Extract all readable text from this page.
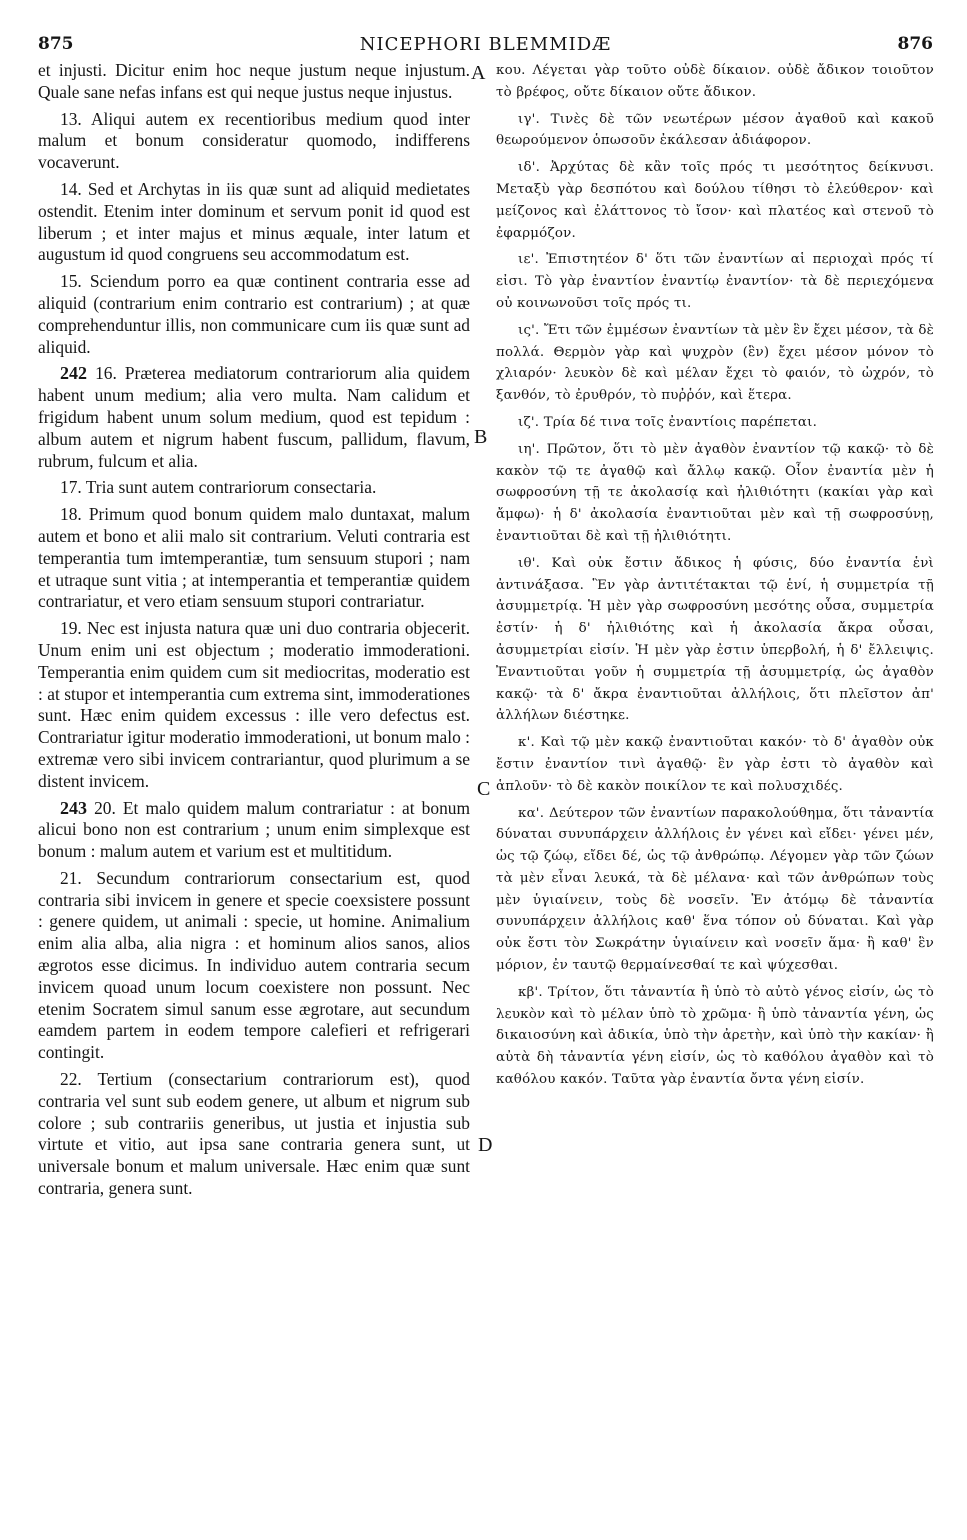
875	NICEPHORI BLEMMIDÆ	876
A
B
C
D

et injusti. Dicitur enim hoc neque justum neque injustum. Quale sane nefas infans est qui neque justus neque injustus.

13. Aliqui autem ex recentioribus medium quod inter malum et bonum consideratur quomodo, indifferens vocaverunt.

14. Sed et Archytas in iis quæ sunt ad aliquid medietates ostendit. Etenim inter dominum et servum ponit id quod est liberum ; et inter majus et minus æquale, inter latum et augustum id quod congruens seu accommodatum est.

15. Sciendum porro ea quæ continent contraria esse ad aliquid (contrarium enim contrario est contrarium) ; at quæ comprehenduntur illis, non communicare cum iis quæ sunt ad aliquid.

242 16. Præterea mediatorum contrariorum alia quidem habent unum medium; alia vero multa. Nam calidum et frigidum habent unum solum medium, quod est tepidum : album autem et nigrum habent fuscum, pallidum, flavum, rubrum, fulcum et alia.

17. Tria sunt autem contrariorum consectaria.

18. Primum quod bonum quidem malo duntaxat, malum autem et bono et alii malo sit contrarium. Veluti contraria est temperantia tum imtemperantiæ, tum sensuum stupori ; nam et utraque sunt vitia ; at intemperantia et temperantiæ quidem contrariatur, et vero etiam sensuum stupori contrariatur.

19. Nec est injusta natura quæ uni duo contraria objecerit. Unum enim uni est objectum ; moderatio immoderationi. Temperantia enim quidem cum sit mediocritas, moderatio est : at stupor et intemperantia cum extrema sint, immoderationes sunt. Hæc enim quidem excessus : ille vero defectus est. Contrariatur igitur moderatio immoderationi, ut bonum malo : extremæ vero sibi invicem contrariantur, quod plurimum a se distent invicem.

243 20. Et malo quidem malum contrariatur : at bonum alicui bono non est contrarium ; unum enim simplexque est bonum : malum autem et varium est et multitidum.

21. Secundum contrariorum consectarium est, quod contraria sibi invicem in genere et specie coexsistere possunt : genere quidem, ut animali : specie, ut homine. Animalium enim alia alba, alia nigra : et hominum alios sanos, alios ægrotos esse dicimus. In individuo autem contraria secum invicem quoad unum locum coexistere non possunt. Nec etenim Socratem simul sanum esse ægrotare, aut secundum eamdem partem in eodem tempore calefieri et refrigerari contingit.

22. Tertium (consectarium contrariorum est), quod contraria vel sunt sub eodem genere, ut album et nigrum sub colore ; sub contrariis generibus, ut justia et injustia sub virtute et vitio, aut ipsa sane contraria genera sunt, ut universale bonum et malum universale. Hæc enim quæ sunt contraria, genera sunt.

κου. Λέγεται γὰρ τοῦτο οὐδὲ δίκαιον. οὐδὲ ἄδικον τοιοῦτον τὸ βρέφος, οὔτε δίκαιον οὔτε ἄδικον.

ιγ'. Τινὲς δὲ τῶν νεωτέρων μέσον ἀγαθοῦ καὶ κακοῦ θεωρούμενον ὁπωσοῦν ἐκάλεσαν ἀδιάφορον.

ιδ'. Ἀρχύτας δὲ κἂν τοῖς πρός τι μεσότητος δείκνυσι. Μεταξὺ γὰρ δεσπότου καὶ δούλου τίθησι τὸ ἐλεύθερον· καὶ μείζονος καὶ ἐλάττονος τὸ ἴσον· καὶ πλατέος καὶ στενοῦ τὸ ἐφαρμόζον.

ιε'. Ἐπιστητέον δ' ὅτι τῶν ἐναντίων αἱ περιοχαὶ πρός τί εἰσι. Τὸ γὰρ ἐναντίον ἐναντίῳ ἐναντίον· τὰ δὲ περιεχόμενα οὐ κοινωνοῦσι τοῖς πρός τι.

ις'. Ἔτι τῶν ἐμμέσων ἐναντίων τὰ μὲν ἓν ἔχει μέσον, τὰ δὲ πολλά. Θερμὸν γὰρ καὶ ψυχρὸν (ἓν) ἔχει μέσον μόνον τὸ χλιαρόν· λευκὸν δὲ καὶ μέλαν ἔχει τὸ φαιόν, τὸ ὠχρόν, τὸ ξανθόν, τὸ ἐρυθρόν, τὸ πυῤῥόν, καὶ ἕτερα.

ιζ'. Τρία δέ τινα τοῖς ἐναντίοις παρέπεται.

ιη'. Πρῶτον, ὅτι τὸ μὲν ἀγαθὸν ἐναντίον τῷ κακῷ· τὸ δὲ κακὸν τῷ τε ἀγαθῷ καὶ ἄλλῳ κακῷ. Οἷον ἐναντία μὲν ἡ σωφροσύνη τῇ τε ἀκολασίᾳ καὶ ἠλιθιότητι (κακίαι γὰρ καὶ ἄμφω)· ἡ δ' ἀκολασία ἐναντιοῦται μὲν καὶ τῇ σωφροσύνῃ, ἐναντιοῦται δὲ καὶ τῇ ἠλιθιότητι.

ιθ'. Καὶ οὐκ ἔστιν ἄδικος ἡ φύσις, δύο ἐναντία ἑνὶ ἀντινάξασα. Ἓν γὰρ ἀντιτέτακται τῷ ἑνί, ἡ συμμετρία τῇ ἀσυμμετρίᾳ. Ἡ μὲν γὰρ σωφροσύνη μεσότης οὖσα, συμμετρία ἐστίν· ἡ δ' ἠλιθιότης καὶ ἡ ἀκολασία ἄκρα οὖσαι, ἀσυμμετρίαι εἰσίν. Ἡ μὲν γὰρ ἐστιν ὑπερβολή, ἡ δ' ἔλλειψις. Ἐναντιοῦται γοῦν ἡ συμμετρία τῇ ἀσυμμετρίᾳ, ὡς ἀγαθὸν κακῷ· τὰ δ' ἄκρα ἐναντιοῦται ἀλλήλοις, ὅτι πλεῖστον ἀπ' ἀλλήλων διέστηκε.

κ'. Καὶ τῷ μὲν κακῷ ἐναντιοῦται κακόν· τὸ δ' ἀγαθὸν οὐκ ἔστιν ἐναντίον τινὶ ἀγαθῷ· ἓν γὰρ ἐστι τὸ ἀγαθὸν καὶ ἁπλοῦν· τὸ δὲ κακὸν ποικίλον τε καὶ πολυσχιδές.

κα'. Δεύτερον τῶν ἐναντίων παρακολούθημα, ὅτι τἀναντία δύναται συνυπάρχειν ἀλλήλοις ἐν γένει καὶ εἴδει· γένει μέν, ὡς τῷ ζώῳ, εἴδει δέ, ὡς τῷ ἀνθρώπῳ. Λέγομεν γὰρ τῶν ζώων τὰ μὲν εἶναι λευκά, τὰ δὲ μέλανα· καὶ τῶν ἀνθρώπων τοὺς μὲν ὑγιαίνειν, τοὺς δὲ νοσεῖν. Ἐν ἀτόμῳ δὲ τἀναντία συνυπάρχειν ἀλλήλοις καθ' ἕνα τόπον οὐ δύναται. Καὶ γὰρ οὐκ ἔστι τὸν Σωκράτην ὑγιαίνειν καὶ νοσεῖν ἅμα· ἢ καθ' ἓν μόριον, ἐν ταυτῷ θερμαίνεσθαί τε καὶ ψύχεσθαι.

κβ'. Τρίτον, ὅτι τἀναντία ἢ ὑπὸ τὸ αὐτὸ γένος εἰσίν, ὡς τὸ λευκὸν καὶ τὸ μέλαν ὑπὸ τὸ χρῶμα· ἢ ὑπὸ τἀναντία γένη, ὡς δικαιοσύνη καὶ ἀδικία, ὑπὸ τὴν ἀρετὴν, καὶ ὑπὸ τὴν κακίαν· ἢ αὐτὰ δὴ τἀναντία γένη εἰσίν, ὡς τὸ καθόλου ἀγαθὸν καὶ τὸ καθόλου κακόν. Ταῦτα γὰρ ἐναντία ὄντα γένη εἰσίν.
